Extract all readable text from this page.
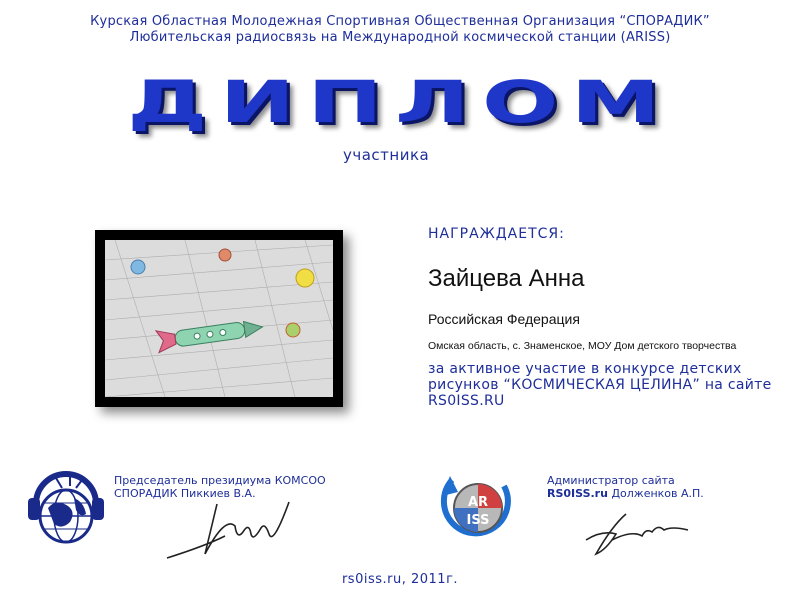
Курская Областная Молодежная Спортивная Общественная Организация “СПОРАДИК”
Любительская радиосвязь на Международной космической станции (ARISS)
ДИПЛОМ
участника
НАГРАЖДАЕТСЯ:
Зайцева Анна
Российская Федерация
Омская область, с. Знаменское, МОУ Дом детского творчества
за активное участие в конкурсе детских рисунков “КОСМИЧЕСКАЯ ЦЕЛИНА” на сайте RS0ISS.RU
Председатель президиума КОМСОО
СПОРАДИК Пиккиев В.А.
AR
ISS
Администратор сайта
RS0ISS.ru Долженков А.П.
rs0iss.ru, 2011г.
